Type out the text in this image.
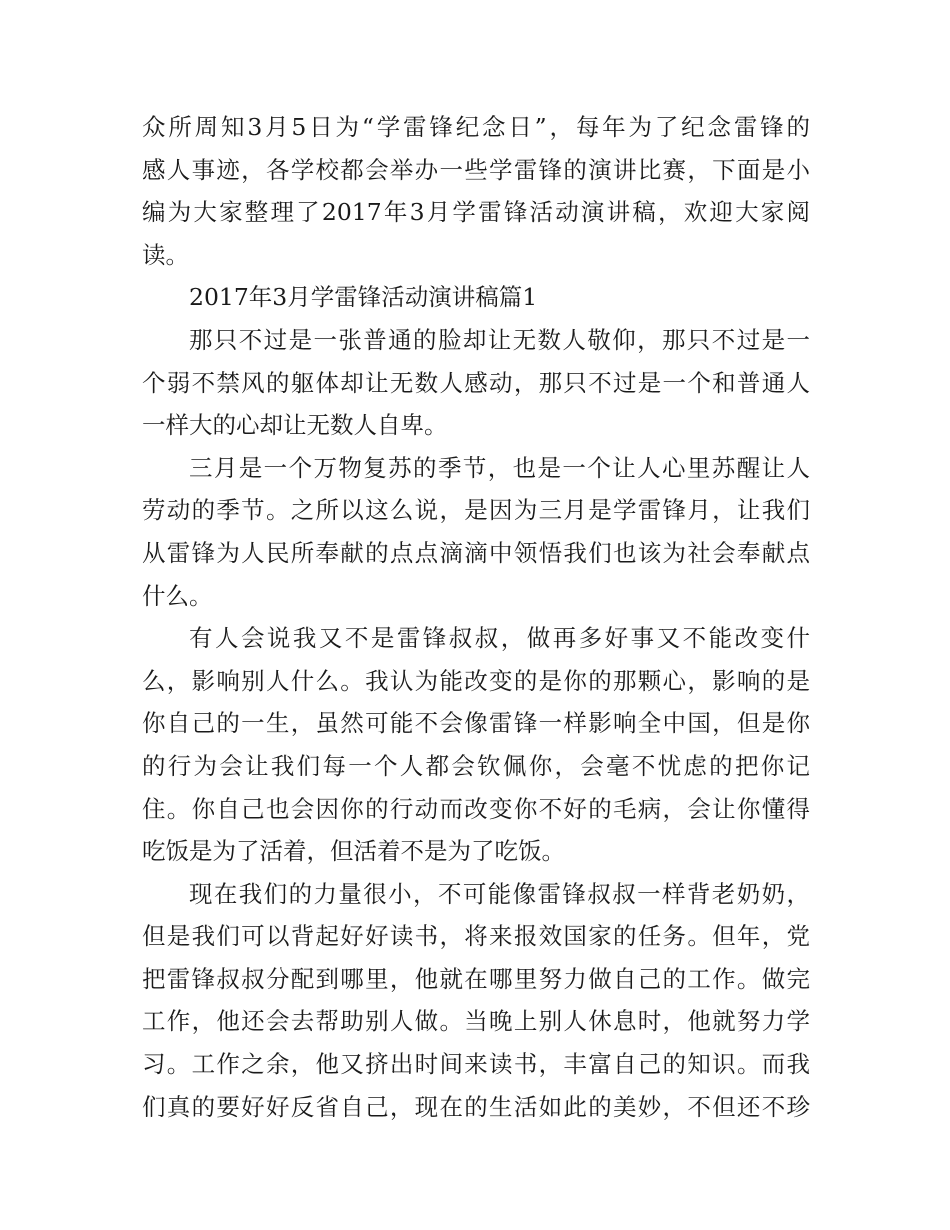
众所周知3月5日为“学雷锋纪念日”，每年为了纪念雷锋的
感人事迹，各学校都会举办一些学雷锋的演讲比赛，下面是小
编为大家整理了2017年3月学雷锋活动演讲稿，欢迎大家阅
读。
2017年3月学雷锋活动演讲稿篇1
那只不过是一张普通的脸却让无数人敬仰，那只不过是一
个弱不禁风的躯体却让无数人感动，那只不过是一个和普通人
一样大的心却让无数人自卑。
三月是一个万物复苏的季节，也是一个让人心里苏醒让人
劳动的季节。之所以这么说，是因为三月是学雷锋月，让我们
从雷锋为人民所奉献的点点滴滴中领悟我们也该为社会奉献点
什么。
有人会说我又不是雷锋叔叔，做再多好事又不能改变什
么，影响别人什么。我认为能改变的是你的那颗心，影响的是
你自己的一生，虽然可能不会像雷锋一样影响全中国，但是你
的行为会让我们每一个人都会钦佩你，会毫不忧虑的把你记
住。你自己也会因你的行动而改变你不好的毛病，会让你懂得
吃饭是为了活着，但活着不是为了吃饭。
现在我们的力量很小，不可能像雷锋叔叔一样背老奶奶，
但是我们可以背起好好读书，将来报效国家的任务。但年，党
把雷锋叔叔分配到哪里，他就在哪里努力做自己的工作。做完
工作，他还会去帮助别人做。当晚上别人休息时，他就努力学
习。工作之余，他又挤出时间来读书，丰富自己的知识。而我
们真的要好好反省自己，现在的生活如此的美妙，不但还不珍
